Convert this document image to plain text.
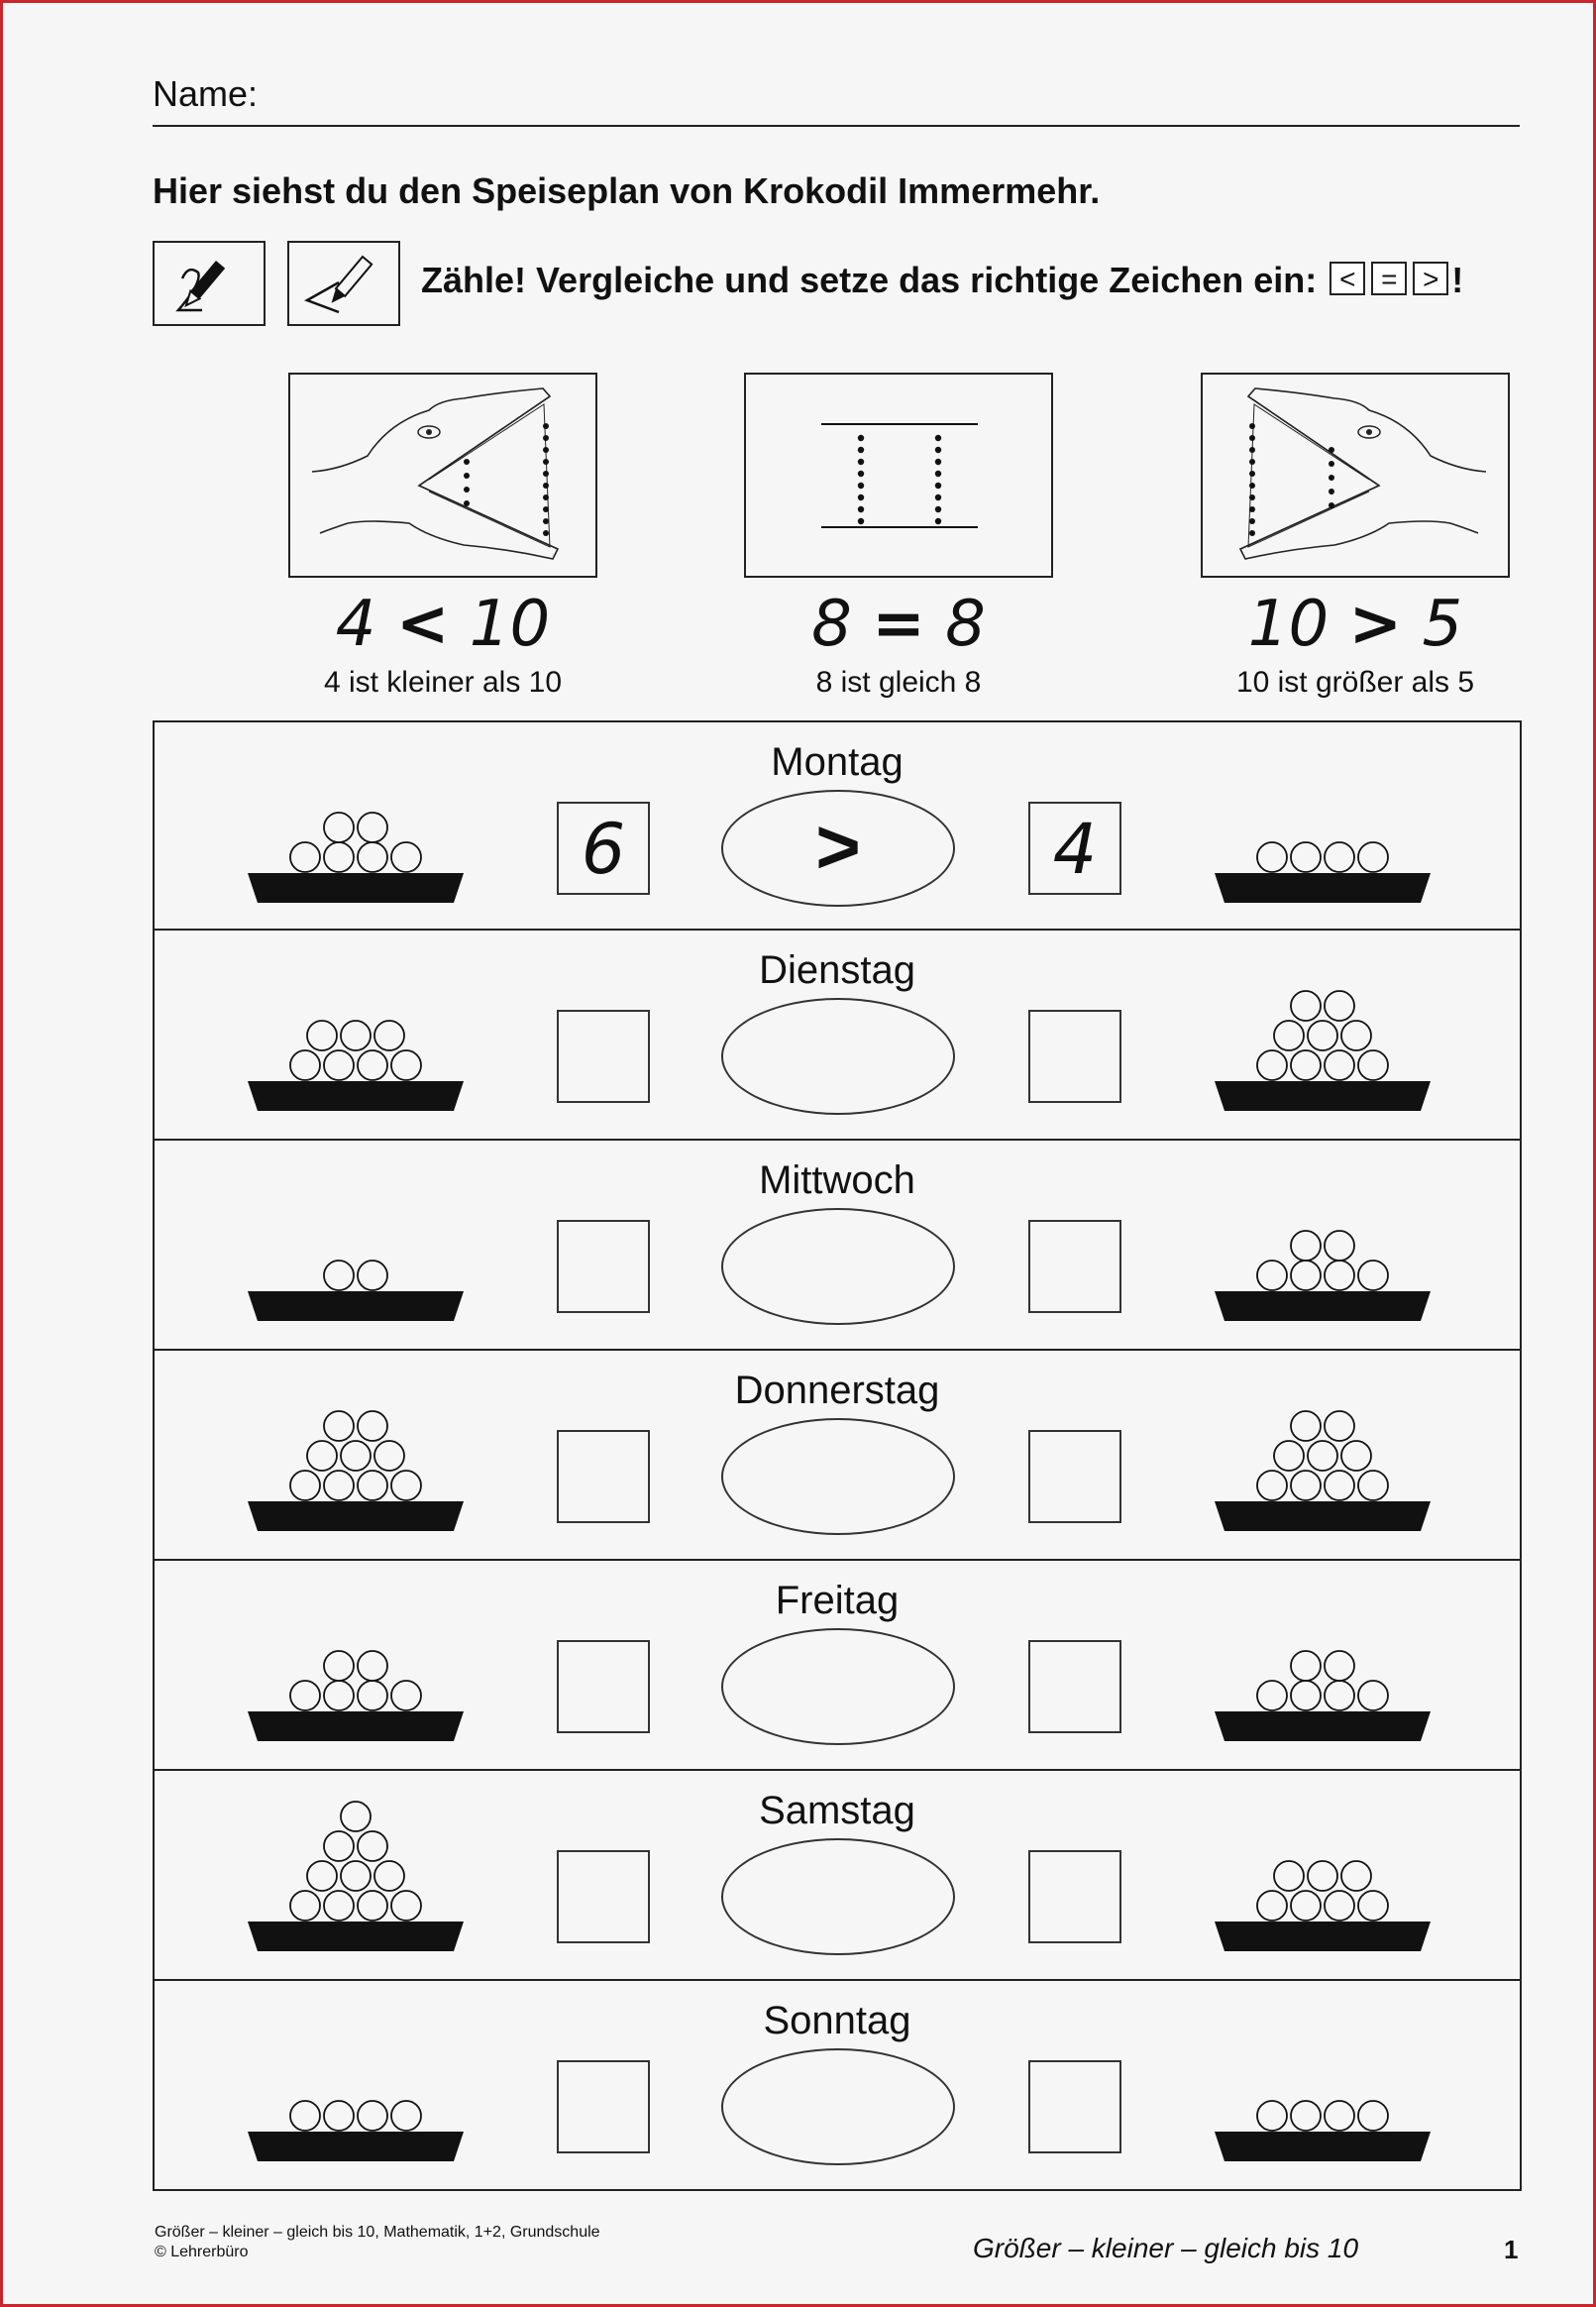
Name:
Hier siehst du den Speiseplan von Krokodil Immermehr.
Zähle! Vergleiche und setze das richtige Zeichen ein: < = > !
4 < 10
4 ist kleiner als 10
8 = 8
8 ist gleich 8
10 > 5
10 ist größer als 5
Montag
6	>	4
Dienstag
Mittwoch
Donnerstag
Freitag
Samstag
Sonntag
Größer – kleiner – gleich bis 10, Mathematik, 1+2, Grundschule
© Lehrerbüro	Größer – kleiner – gleich bis 10	1
